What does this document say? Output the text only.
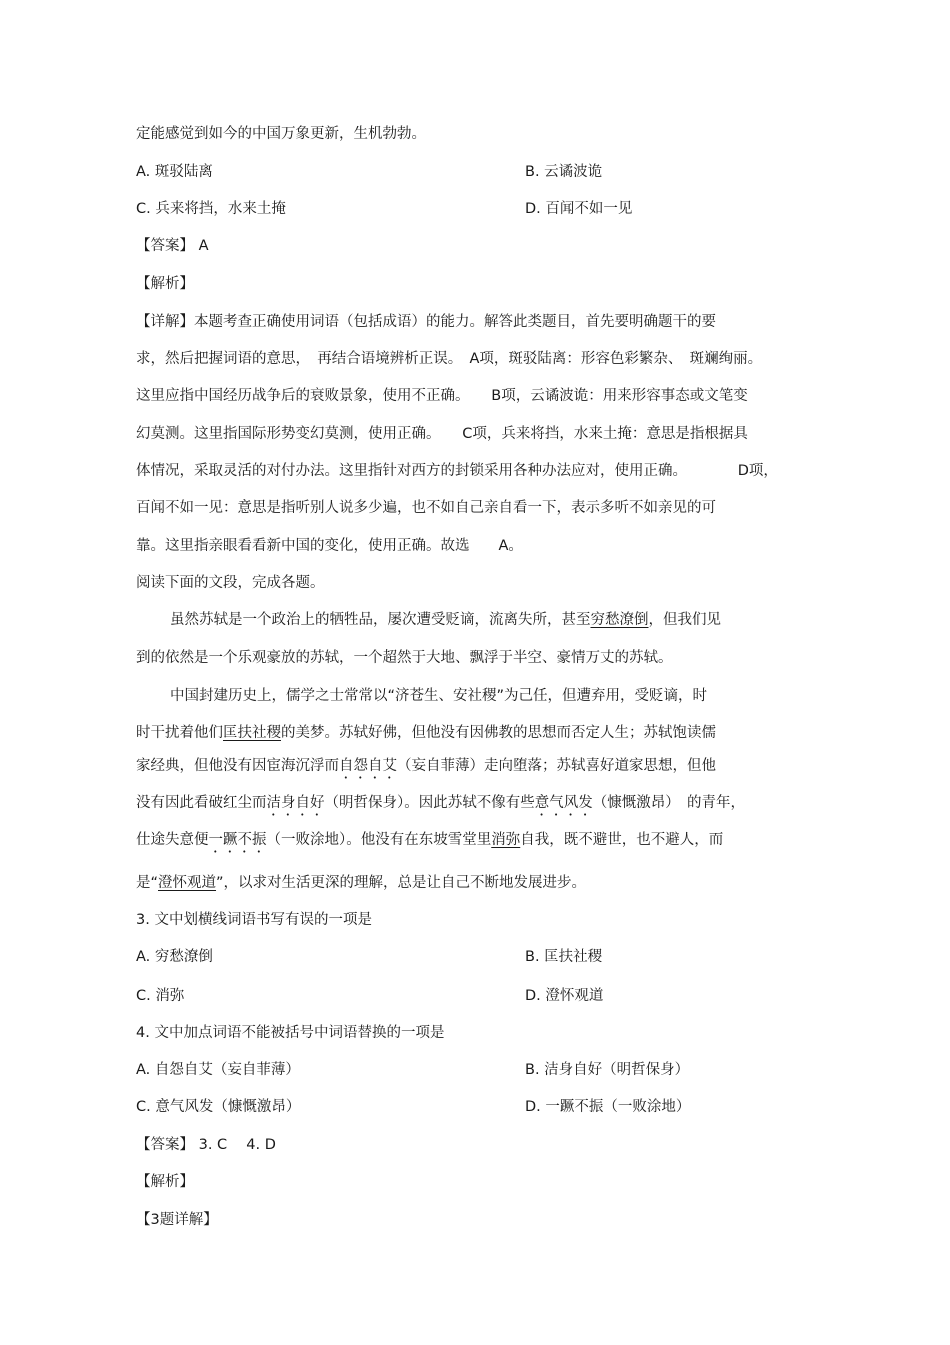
定能感觉到如今的中国万象更新，生机勃勃。
A. 斑驳陆离	B. 云谲波诡
C. 兵来将挡，水来土掩	D. 百闻不如一见
【答案】 A
【解析】
【详解】本题考查正确使用词语（包括成语）的能力。解答此类题目，首先要明确题干的要
求，然后把握词语的意思，　再结合语境辨析正误。　A项，斑驳陆离：形容色彩繁杂、　斑斓绚丽。
这里应指中国经历战争后的衰败景象，使用不正确。　　B项，云谲波诡：用来形容事态或文笔变
幻莫测。这里指国际形势变幻莫测，使用正确。　　C项，兵来将挡，水来土掩：意思是指根据具
体情况，采取灵活的对付办法。这里指针对西方的封锁采用各种办法应对，使用正确。　　　　D项，
百闻不如一见：意思是指听别人说多少遍，也不如自己亲自看一下，表示多听不如亲见的可
靠。这里指亲眼看看新中国的变化，使用正确。故选　　A。
阅读下面的文段，完成各题。
虽然苏轼是一个政治上的牺牲品，屡次遭受贬谪，流离失所，甚至穷愁潦倒，但我们见
到的依然是一个乐观豪放的苏轼，一个超然于大地、飘浮于半空、豪情万丈的苏轼。
中国封建历史上，儒学之士常常以“济苍生、安社稷”为己任，但遭弃用，受贬谪，时
时干扰着他们匡扶社稷的美梦。苏轼好佛，但他没有因佛教的思想而否定人生；苏轼饱读儒
家经典，但他没有因宦海沉浮而自怨自艾（妄自菲薄）走向堕落；苏轼喜好道家思想，但他
没有因此看破红尘而洁身自好（明哲保身）。因此苏轼不像有些意气风发（慷慨激昂）　的青年，
仕途失意便一蹶不振（一败涂地）。他没有在东坡雪堂里消弥自我，既不避世，也不避人，而
是“澄怀观道”，以求对生活更深的理解，总是让自己不断地发展进步。
3. 文中划横线词语书写有误的一项是
A. 穷愁潦倒	B. 匡扶社稷
C. 消弥	D. 澄怀观道
4. 文中加点词语不能被括号中词语替换的一项是
A. 自怨自艾（妄自菲薄）	B. 洁身自好（明哲保身）
C. 意气风发（慷慨激昂）	D. 一蹶不振（一败涂地）
【答案】 3. C　 4. D
【解析】
【3题详解】
